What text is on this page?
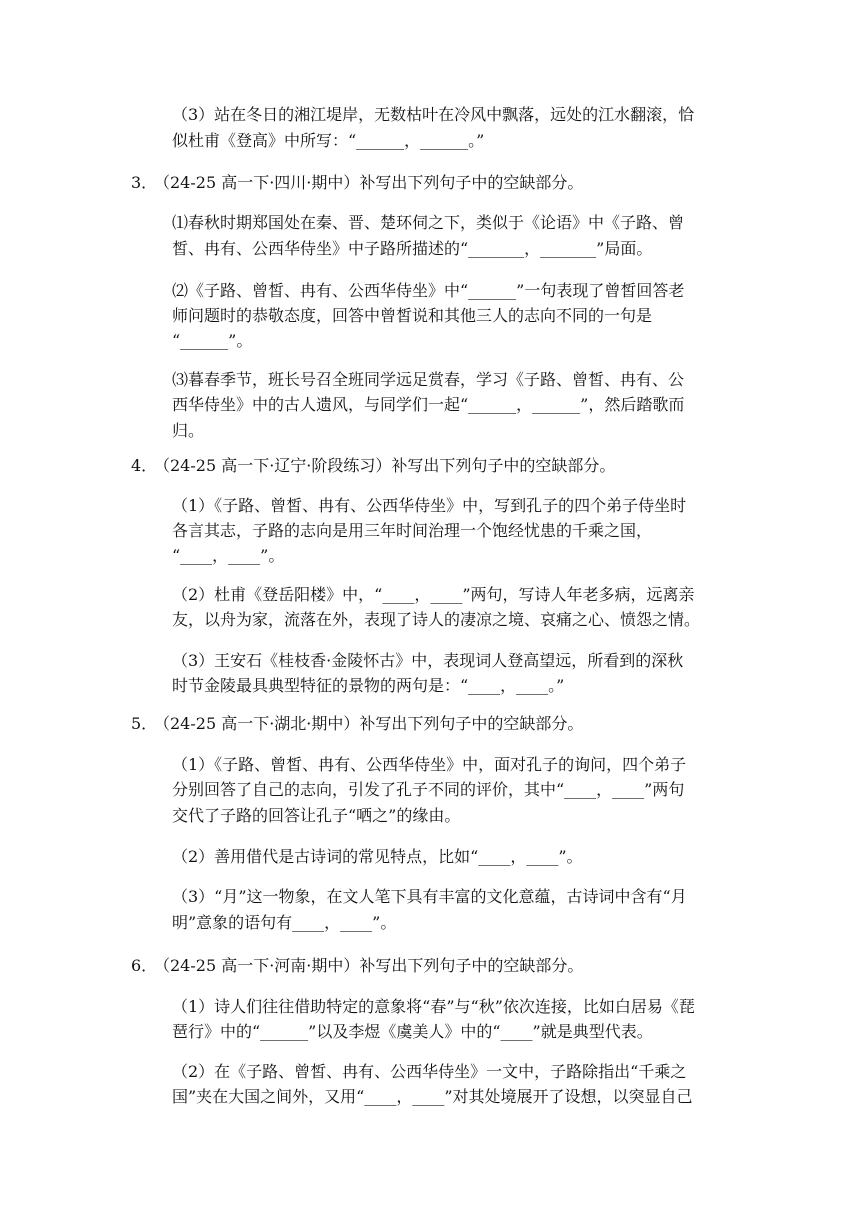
（3）站在冬日的湘江堤岸，无数枯叶在冷风中飘落，远处的江水翻滚，恰
似杜甫《登高》中所写：“______，______。”
3．
（24-25 高一下·四川·期中）补写出下列句子中的空缺部分。
⑴春秋时期郑国处在秦、晋、楚环伺之下，类似于《论语》中《子路、曾
皙、冉有、公西华侍坐》中子路所描述的“_______，_______”局面。
⑵《子路、曾皙、冉有、公西华侍坐》中“______”一句表现了曾皙回答老
师问题时的恭敬态度，回答中曾皙说和其他三人的志向不同的一句是
“______”。
⑶暮春季节，班长号召全班同学远足赏春，学习《子路、曾皙、冉有、公
西华侍坐》中的古人遗风，与同学们一起“______，______”，然后踏歌而
归。
4．
（24-25 高一下·辽宁·阶段练习）补写出下列句子中的空缺部分。
（1）《子路、曾皙、冉有、公西华侍坐》中，写到孔子的四个弟子侍坐时
各言其志，子路的志向是用三年时间治理一个饱经忧患的千乘之国，
“____，____”。
（2）杜甫《登岳阳楼》中，“____，____”两句，写诗人年老多病，远离亲
友，以舟为家，流落在外，表现了诗人的凄凉之境、哀痛之心、愤怨之情。
（3）王安石《桂枝香·金陵怀古》中，表现词人登高望远，所看到的深秋
时节金陵最具典型特征的景物的两句是：“____，____。”
5．
（24-25 高一下·湖北·期中）补写出下列句子中的空缺部分。
（1）《子路、曾皙、冉有、公西华侍坐》中，面对孔子的询问，四个弟子
分别回答了自己的志向，引发了孔子不同的评价，其中“____，____”两句
交代了子路的回答让孔子“哂之”的缘由。
（2）善用借代是古诗词的常见特点，比如“____，____”。
（3）“月”这一物象，在文人笔下具有丰富的文化意蕴，古诗词中含有“月
明”意象的语句有____，____”。
6．
（24-25 高一下·河南·期中）补写出下列句子中的空缺部分。
（1）诗人们往往借助特定的意象将“春”与“秋”依次连接，比如白居易《琵
琶行》中的“______”以及李煜《虞美人》中的“____”就是典型代表。
（2）在《子路、曾皙、冉有、公西华侍坐》一文中，子路除指出“千乘之
国”夹在大国之间外，又用“____，____”对其处境展开了设想，以突显自己
